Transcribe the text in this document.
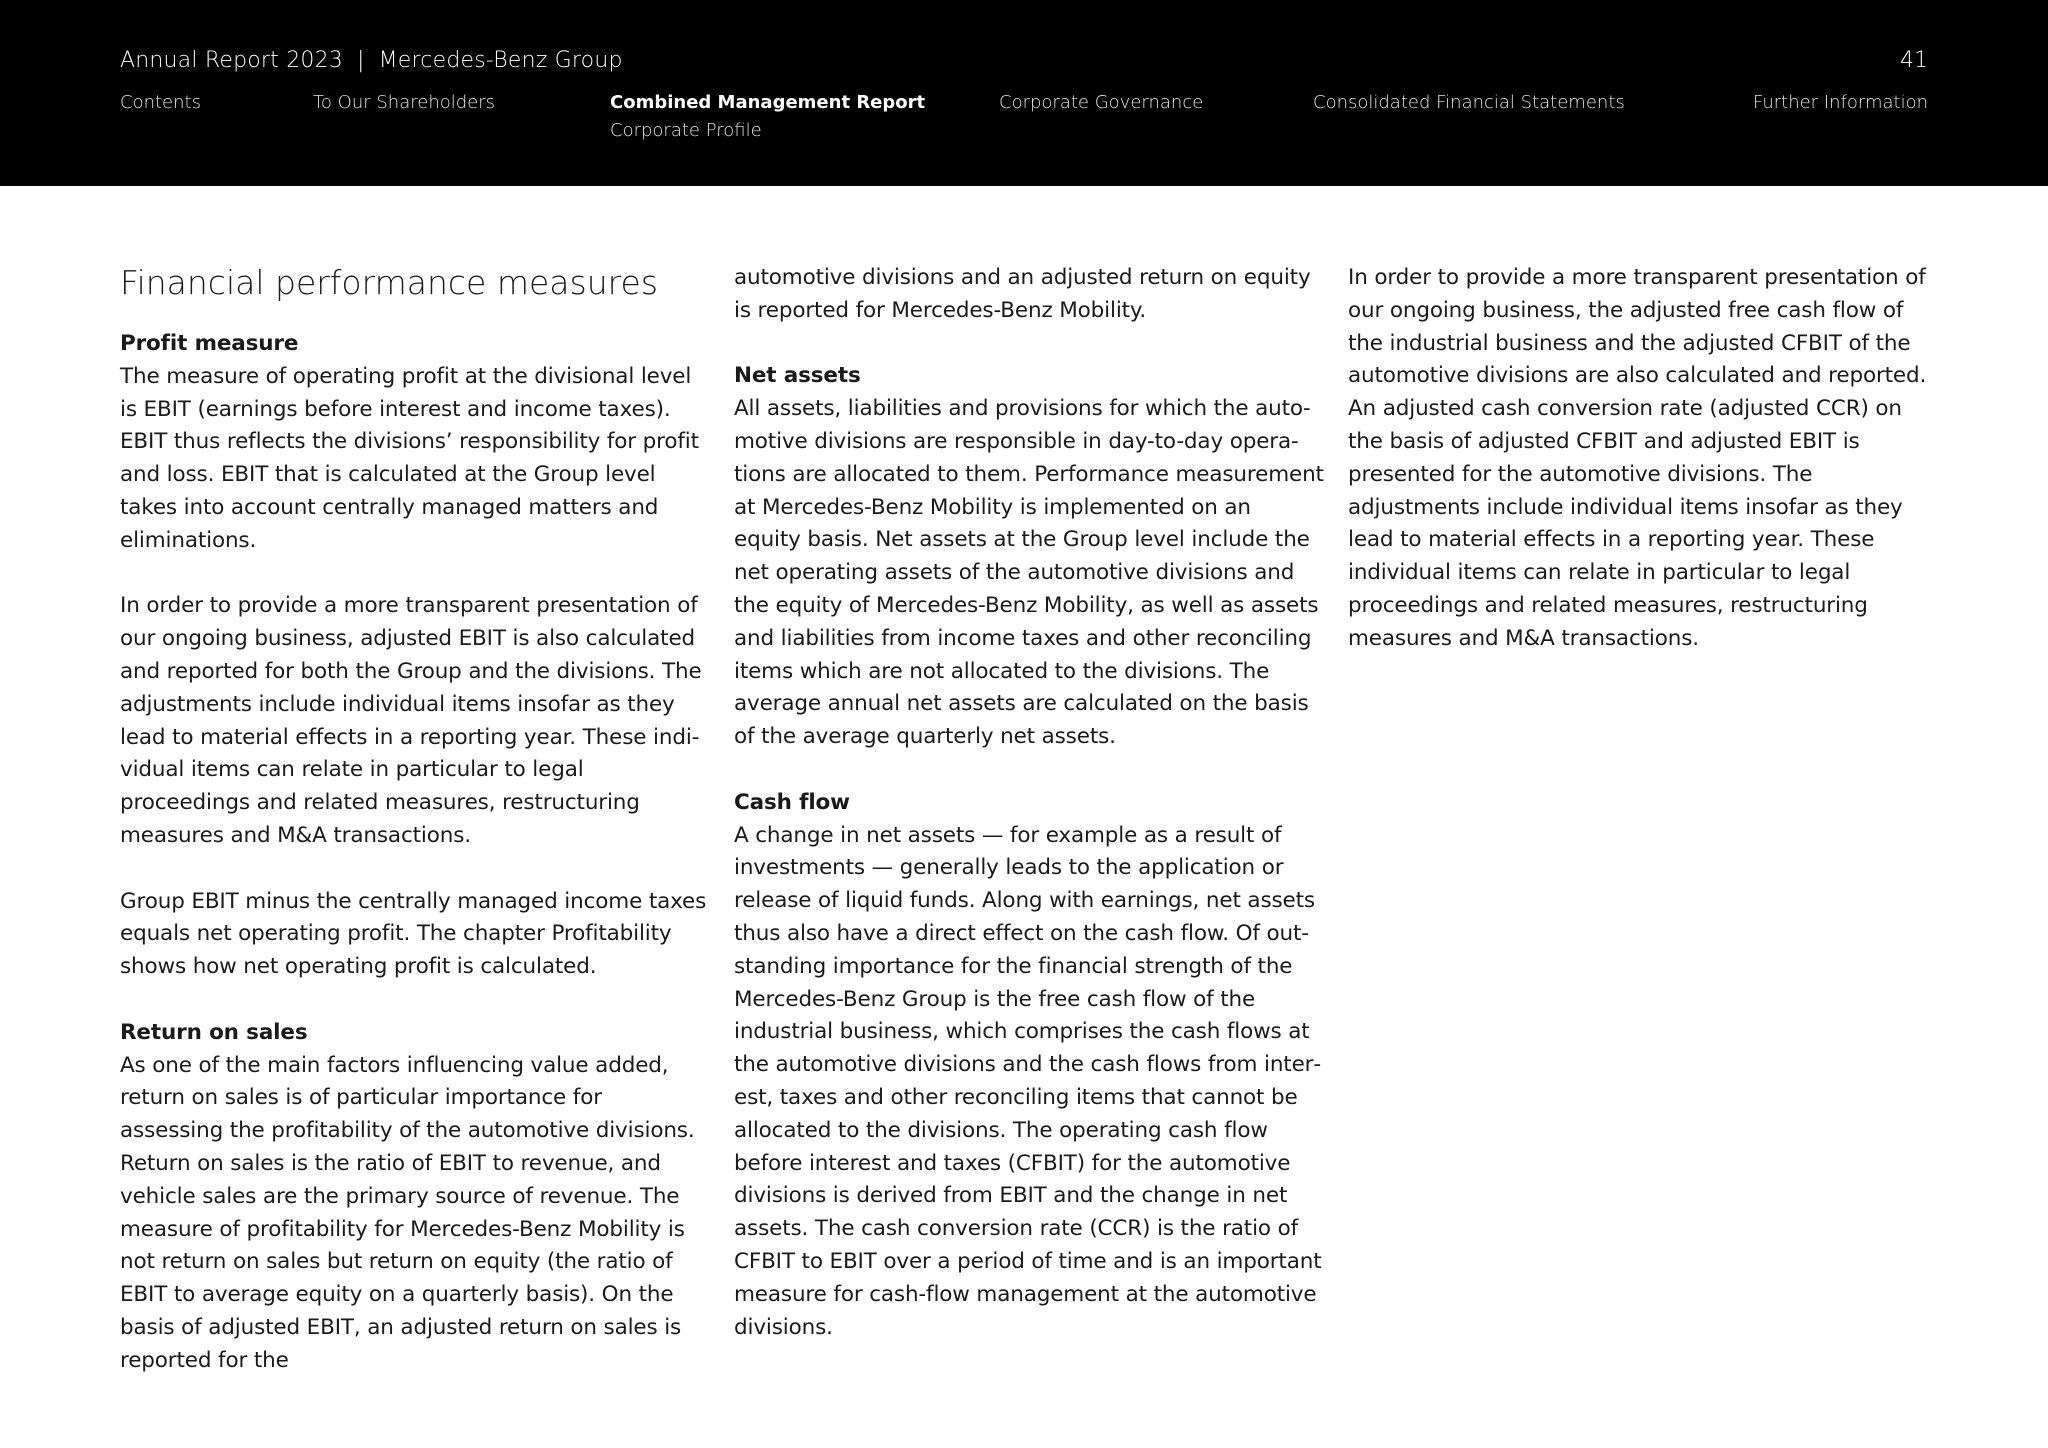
Annual Report 2023 | Mercedes-Benz Group	41
Contents	To Our Shareholders	Combined Management Report
Corporate Profile
Corporate Governance	Consolidated Financial Statements	Further Information
Financial performance measures
Profit measure

The measure of operating profit at the divisional level is EBIT (earnings before interest and income taxes). EBIT thus reflects the divisions’ responsibility for profit and loss. EBIT that is calculated at the Group level takes into account centrally managed matters and eliminations.

In order to provide a more transparent presentation of our ongoing business, adjusted EBIT is also calculated and reported for both the Group and the divisions. The adjustments include individual items insofar as they lead to material effects in a reporting year. These individual items can relate in particular to legal proceedings and related measures, restructuring measures and M&A transactions.

Group EBIT minus the centrally managed income taxes equals net operating profit. The chapter Profitability shows how net operating profit is calculated.

Return on sales

As one of the main factors influencing value added, return on sales is of particular importance for assessing the profitability of the automotive divisions. Return on sales is the ratio of EBIT to revenue, and vehicle sales are the primary source of revenue. The measure of profitability for Mercedes-Benz Mobility is not return on sales but return on equity (the ratio of EBIT to average equity on a quarterly basis). On the basis of adjusted EBIT, an adjusted return on sales is reported for the

automotive divisions and an adjusted return on equity is reported for Mercedes-Benz Mobility.

Net assets

All assets, liabilities and provisions for which the automotive divisions are responsible in day-to-day operations are allocated to them. Performance measurement at Mercedes-Benz Mobility is implemented on an equity basis. Net assets at the Group level include the net operating assets of the automotive divisions and the equity of Mercedes-Benz Mobility, as well as assets and liabilities from income taxes and other reconciling items which are not allocated to the divisions. The average annual net assets are calculated on the basis of the average quarterly net assets.

Cash flow

A change in net assets — for example as a result of investments — generally leads to the application or release of liquid funds. Along with earnings, net assets thus also have a direct effect on the cash flow. Of outstanding importance for the financial strength of the Mercedes-Benz Group is the free cash flow of the industrial business, which comprises the cash flows at the automotive divisions and the cash flows from interest, taxes and other reconciling items that cannot be allocated to the divisions. The operating cash flow before interest and taxes (CFBIT) for the automotive divisions is derived from EBIT and the change in net assets. The cash conversion rate (CCR) is the ratio of CFBIT to EBIT over a period of time and is an important measure for cash-flow management at the automotive divisions.

In order to provide a more transparent presentation of our ongoing business, the adjusted free cash flow of the industrial business and the adjusted CFBIT of the automotive divisions are also calculated and reported. An adjusted cash conversion rate (adjusted CCR) on the basis of adjusted CFBIT and adjusted EBIT is presented for the automotive divisions. The adjustments include individual items insofar as they lead to material effects in a reporting year. These individual items can relate in particular to legal proceedings and related measures, restructuring measures and M&A transactions.
